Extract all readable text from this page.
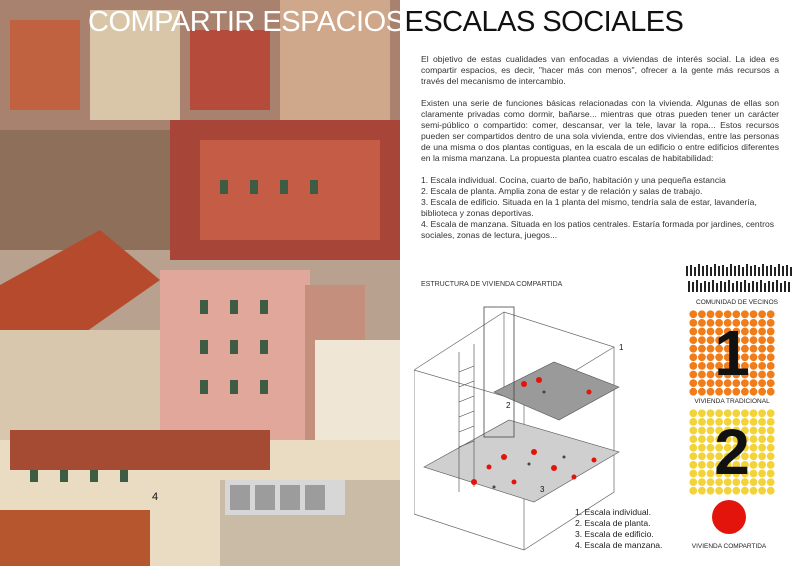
4
COMPARTIR ESPACIOSESCALAS SOCIALES

El objetivo de estas cualidades van enfocadas a viviendas de interés social. La idea es compartir espacios, es decir, "hacer más con menos", ofrecer a la gente más recursos a través del mecanismo de intercambio.

Existen una serie de funciones básicas relacionadas con la vivienda. Algunas de ellas son claramente privadas como dormir, bañarse... mientras que otras pueden tener un carácter semi-público o compartido: comer, descansar, ver la tele, lavar la ropa... Estos recursos pueden ser compartidos dentro de una sola vivienda, entre dos viviendas, entre las personas de una misma o dos plantas contiguas, en la escala de un edificio o entre edificios diferentes en la misma manzana. La propuesta plantea cuatro escalas de habitabilidad:

1. Escala individual. Cocina, cuarto de baño, habitación y una pequeña estancia
2. Escala de planta. Amplia zona de estar y de relación y salas de trabajo.
3. Escala de edificio. Situada en la 1 planta del mismo, tendría sala de estar, lavandería, biblioteca y zonas deportivas.
4. Escala de manzana. Situada en los patios centrales. Estaría formada por jardines, centros sociales, zonas de lectura, juegos...
ESTRUCTURA DE VIVIENDA COMPARTIDA
1
2
3
1. Escala individual.
2. Escala de planta.
3. Escala de edificio.
4. Escala de manzana.
COMUNIDAD DE VECINOS
1
VIVIENDA TRADICIONAL
2
VIVIENDA COMPARTIDA
